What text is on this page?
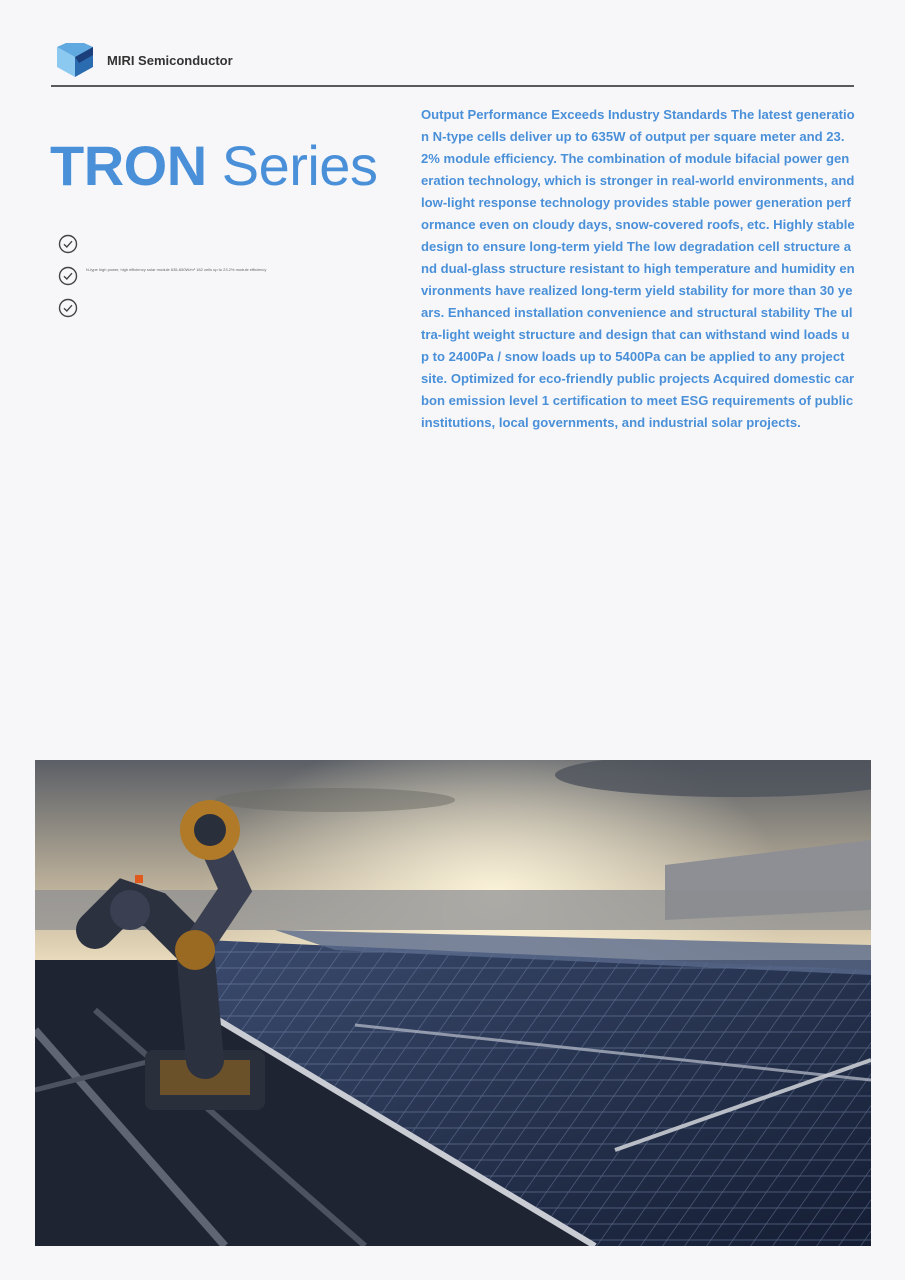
MIRI Semiconductor
TRON Series
N-type high power, high efficiency solar module 635-650W/m² 182 cells up to 23.2% module efficiency

Output Performance Exceeds Industry Standards The latest generation N-type cells deliver up to 635W of output per square meter and 23.2% module efficiency. The combination of module bifacial power generation technology, which is stronger in real-world environments, and low-light response technology provides stable power generation performance even on cloudy days, snow-covered roofs, etc. Highly stable design to ensure long-term yield The low degradation cell structure and dual-glass structure resistant to high temperature and humidity environments have realized long-term yield stability for more than 30 years. Enhanced installation convenience and structural stability The ultra-light weight structure and design that can withstand wind loads up to 2400Pa / snow loads up to 5400Pa can be applied to any project site. Optimized for eco-friendly public projects Acquired domestic carbon emission level 1 certification to meet ESG requirements of public institutions, local governments, and industrial solar projects.
